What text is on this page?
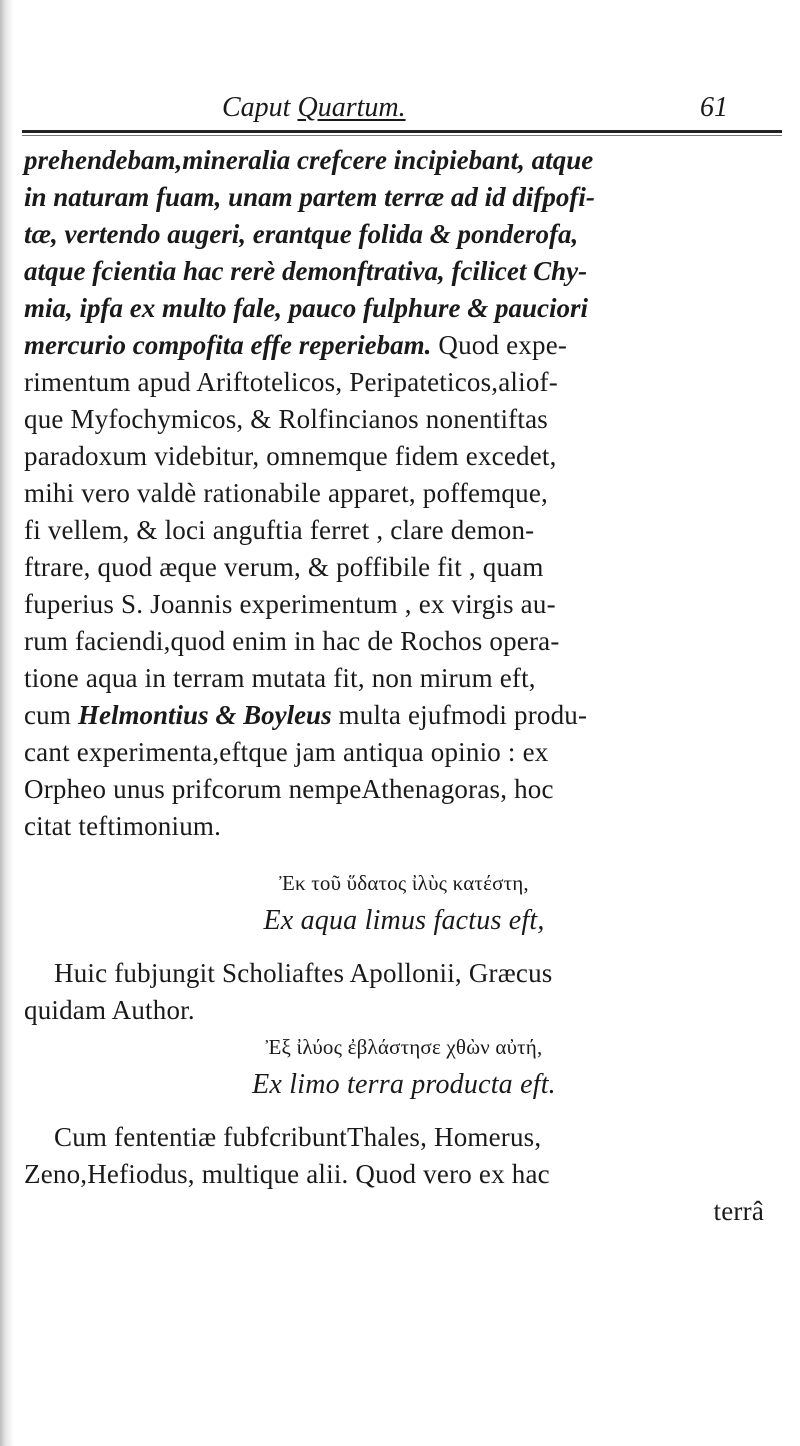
Caput Quartum.	61
prehendebam,mineralia crefcere incipiebant, atque
in naturam fuam, unam partem terræ ad id difpofi-
tæ, vertendo augeri, erantque folida & ponderofa,
atque fcientia hac rerè demonftrativa, fcilicet Chy-
mia, ipfa ex multo fale, pauco fulphure & pauciori
mercurio compofita effe reperiebam. Quod expe-
rimentum apud Ariftotelicos, Peripateticos,aliof-
que Myfochymicos, & Rolfincianos nonentiftas
paradoxum videbitur, omnemque fidem excedet,
mihi vero valdè rationabile apparet, poffemque,
fi vellem, & loci anguftia ferret , clare demon-
ftrare, quod æque verum, & poffibile fit , quam
fuperius S. Joannis experimentum , ex virgis au-
rum faciendi,quod enim in hac de Rochos opera-
tione aqua in terram mutata fit, non mirum eft,
cum Helmontius & Boyleus multa ejufmodi produ-
cant experimenta,eftque jam antiqua opinio : ex
Orpheo unus prifcorum nempeAthenagoras, hoc
citat teftimonium.
Ἐκ τοῦ ὕδατος ἰλὺς κατέστη,
Ex aqua limus factus eft,
Huic fubjungit Scholiaftes Apollonii, Græcus
quidam Author.
Ἐξ ἰλύος ἐβλάστησε χθὼν αὐτή,
Ex limo terra producta eft.
Cum fententiæ fubfcribuntThales, Homerus,
Zeno,Hefiodus, multique alii. Quod vero ex hac
terrâ
